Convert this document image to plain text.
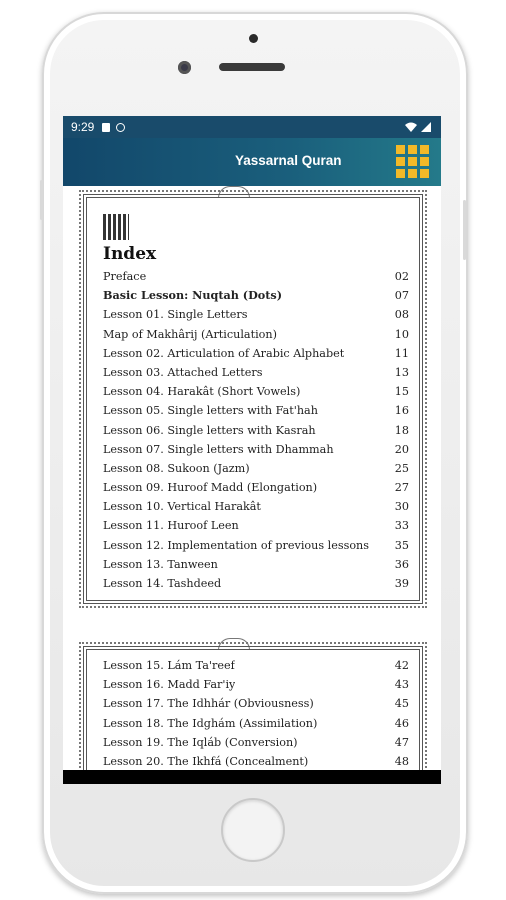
9:29
Yassarnal Quran
Index
Preface	02
Basic Lesson: Nuqtah (Dots)	07
Lesson 01. Single Letters	08
Map of Makhârij (Articulation)	10
Lesson 02. Articulation of Arabic Alphabet	11
Lesson 03. Attached Letters	13
Lesson 04. Harakât (Short Vowels)	15
Lesson 05. Single letters with Fat'hah	16
Lesson 06. Single letters with Kasrah	18
Lesson 07. Single letters with Dhammah	20
Lesson 08. Sukoon (Jazm)	25
Lesson 09. Huroof Madd (Elongation)	27
Lesson 10. Vertical Harakât	30
Lesson 11. Huroof Leen	33
Lesson 12. Implementation of previous lessons	35
Lesson 13. Tanween	36
Lesson 14. Tashdeed	39
Lesson 15. Lám Ta'reef	42
Lesson 16. Madd Far'iy	43
Lesson 17. The Idhhár (Obviousness)	45
Lesson 18. The Idghám (Assimilation)	46
Lesson 19. The Iqláb (Conversion)	47
Lesson 20. The Ikhfá (Concealment)	48
